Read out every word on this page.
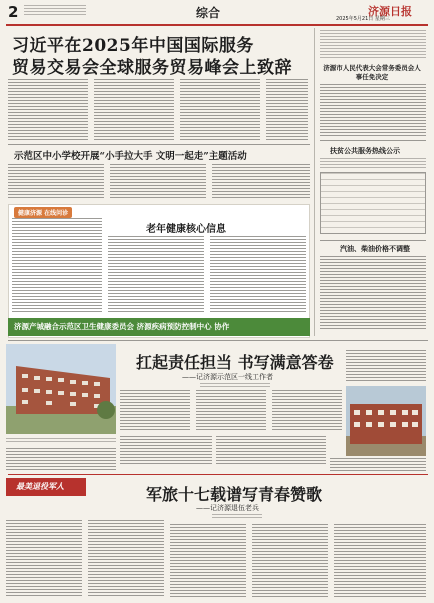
2	综合	济源日报
2025年5月21日 星期三
习近平在2025年中国国际服务
贸易交易会全球服务贸易峰会上致辞	济源市人民代表大会常务委员会人事任免决定
扶贫公共服务热线公示
汽油、柴油价格不调整
示范区中小学校开展“小手拉大手 文明一起走”主题活动
健康济源 在线问诊
老年健康核心信息
济源产城融合示范区卫生健康委员会 济源疾病预防控制中心 协作
扛起责任担当 书写满意答卷
——记济源示范区一线工作者
最美退役军人	军旅十七载谱写青春赞歌
——记济源退伍老兵
